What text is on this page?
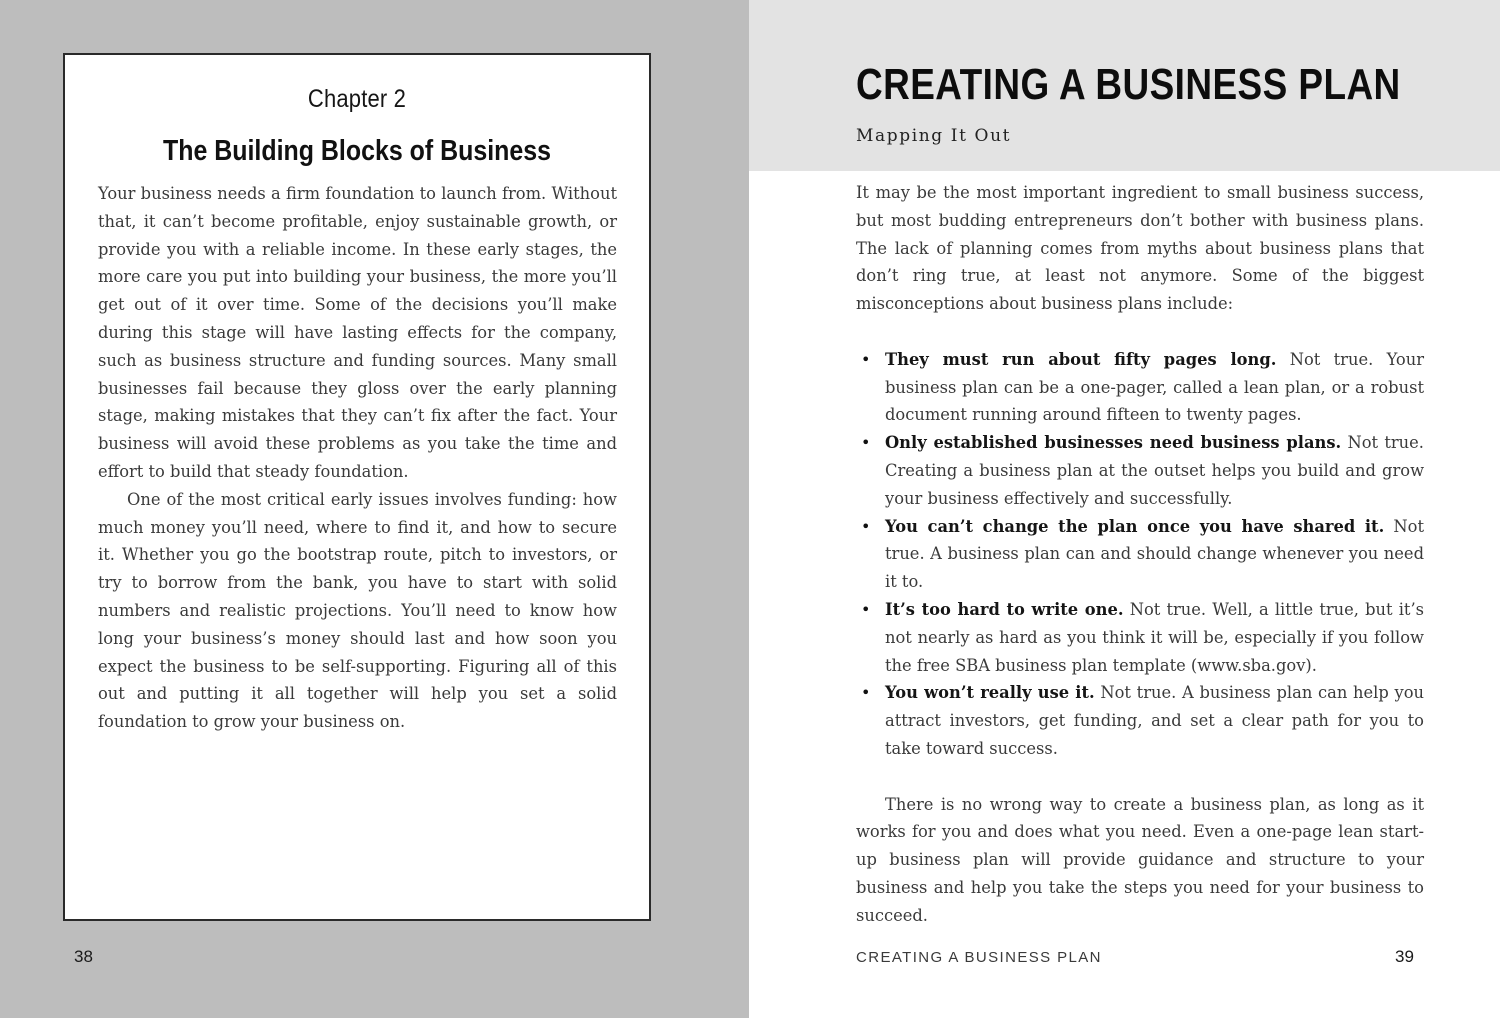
Chapter 2
The Building Blocks of Business

Your business needs a firm foundation to launch from. Without that, it can’t become profitable, enjoy sustainable growth, or provide you with a reliable income. In these early stages, the more care you put into building your business, the more you’ll get out of it over time. Some of the decisions you’ll make during this stage will have lasting effects for the company, such as business structure and funding sources. Many small businesses fail because they gloss over the early planning stage, making mistakes that they can’t fix after the fact. Your business will avoid these problems as you take the time and effort to build that steady foundation.

One of the most critical early issues involves funding: how much money you’ll need, where to find it, and how to secure it. Whether you go the bootstrap route, pitch to investors, or try to borrow from the bank, you have to start with solid numbers and realistic projections. You’ll need to know how long your business’s money should last and how soon you expect the business to be self-supporting. Figuring all of this out and putting it all together will help you set a solid foundation to grow your business on.

38
CREATING A BUSINESS PLAN
Mapping It Out

It may be the most important ingredient to small business success, but most budding entrepreneurs don’t bother with business plans. The lack of planning comes from myths about business plans that don’t ring true, at least not anymore. Some of the biggest misconceptions about business plans include:

• They must run about fifty pages long. Not true. Your business plan can be a one-pager, called a lean plan, or a robust document running around fifteen to twenty pages.
• Only established businesses need business plans. Not true. Creating a business plan at the outset helps you build and grow your business effectively and successfully.
• You can’t change the plan once you have shared it. Not true. A business plan can and should change whenever you need it to.
• It’s too hard to write one. Not true. Well, a little true, but it’s not nearly as hard as you think it will be, especially if you follow the free SBA business plan template (www.sba.gov).
• You won’t really use it. Not true. A business plan can help you attract investors, get funding, and set a clear path for you to take toward success.

There is no wrong way to create a business plan, as long as it works for you and does what you need. Even a one-page lean start-up business plan will provide guidance and structure to your business and help you take the steps you need for your business to succeed.

CREATING A BUSINESS PLAN	39
